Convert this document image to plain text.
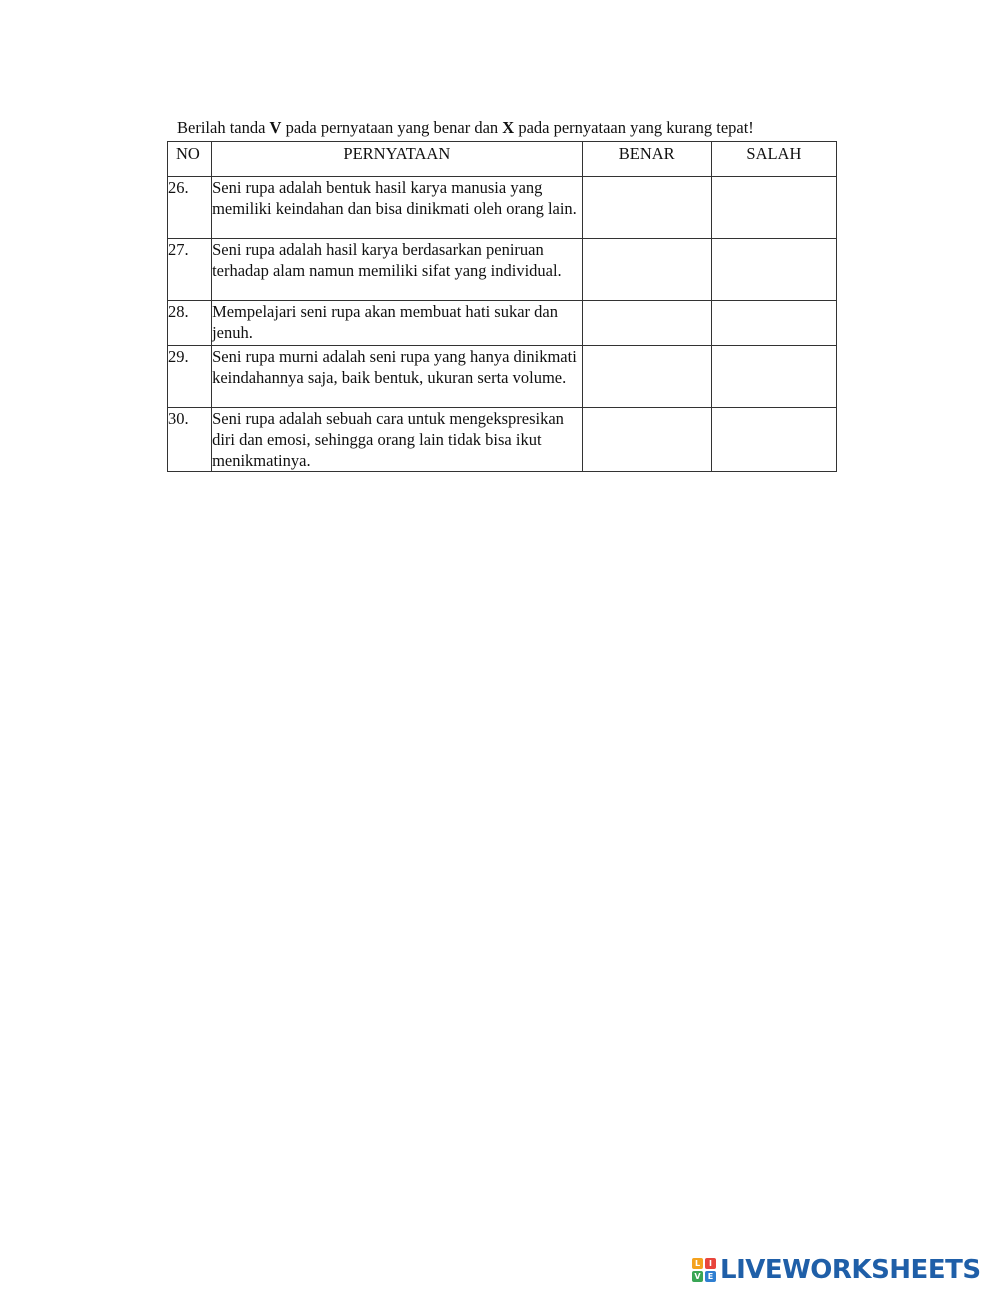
Berilah tanda V pada pernyataan yang benar dan X pada pernyataan yang kurang tepat!
NO	PERNYATAAN	BENAR	SALAH
26.	Seni rupa adalah bentuk hasil karya manusia yang memiliki keindahan dan bisa dinikmati oleh orang lain.		
27.	Seni rupa adalah hasil karya berdasarkan peniruan terhadap alam namun memiliki sifat yang individual.		
28.	Mempelajari seni rupa akan membuat hati sukar dan jenuh.		
29.	Seni rupa murni adalah seni rupa yang hanya dinikmati keindahannya saja, baik bentuk, ukuran serta volume.		
30.	Seni rupa adalah sebuah cara untuk mengekspresikan diri dan emosi, sehingga orang lain tidak bisa ikut menikmatinya.		
L	I
V E LIVEWORKSHEETS
